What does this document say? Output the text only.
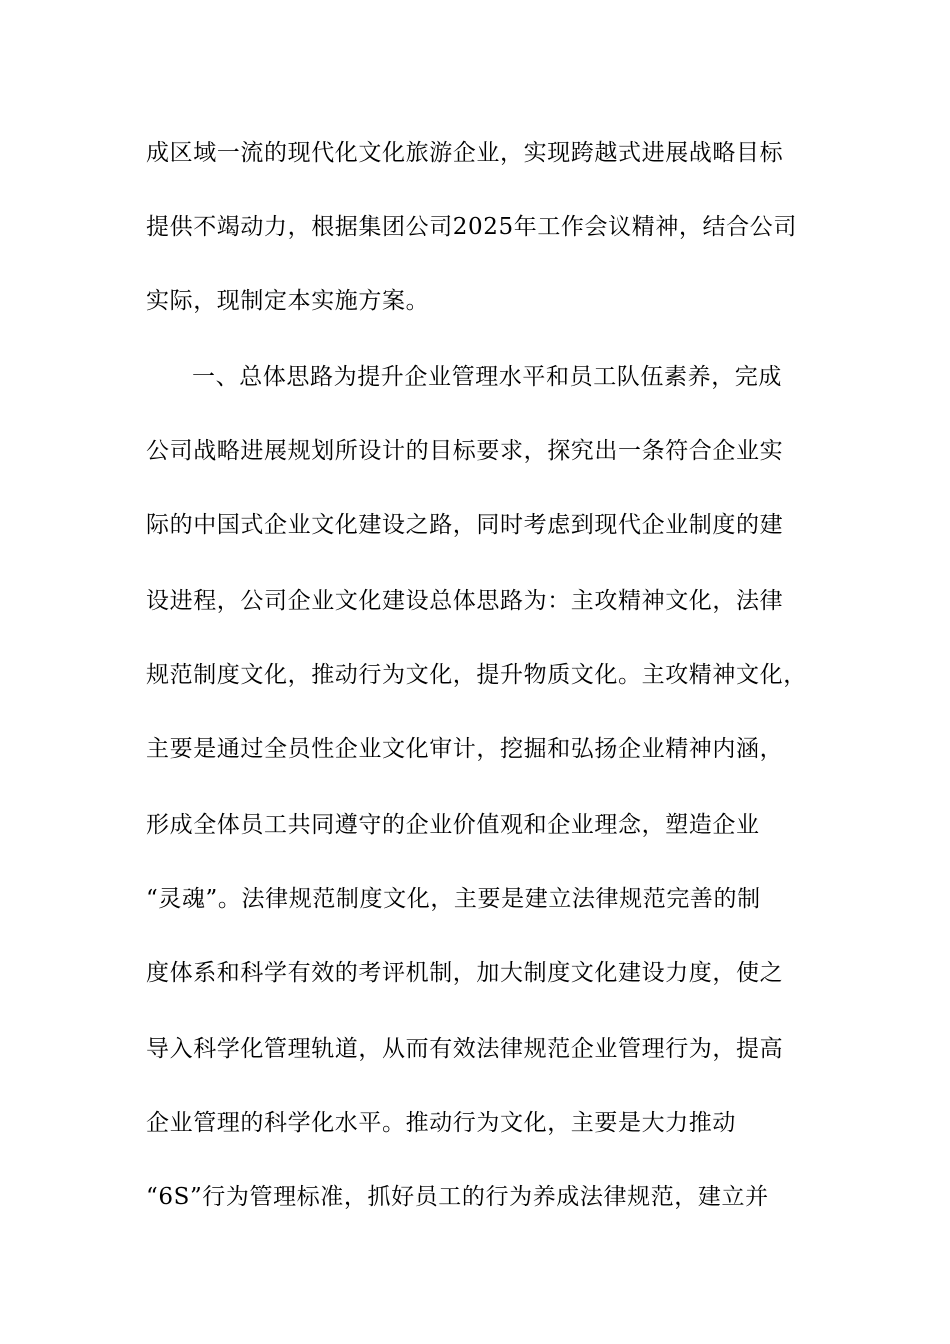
成区域一流的现代化文化旅游企业，实现跨越式进展战略目标
提供不竭动力，根据集团公司2025年工作会议精神，结合公司
实际，现制定本实施方案。
一、总体思路为提升企业管理水平和员工队伍素养，完成
公司战略进展规划所设计的目标要求，探究出一条符合企业实
际的中国式企业文化建设之路，同时考虑到现代企业制度的建
设进程，公司企业文化建设总体思路为：主攻精神文化，法律
规范制度文化，推动行为文化，提升物质文化。主攻精神文化，
主要是通过全员性企业文化审计，挖掘和弘扬企业精神内涵，
形成全体员工共同遵守的企业价值观和企业理念，塑造企业
“灵魂”。法律规范制度文化，主要是建立法律规范完善的制
度体系和科学有效的考评机制，加大制度文化建设力度，使之
导入科学化管理轨道，从而有效法律规范企业管理行为，提高
企业管理的科学化水平。推动行为文化，主要是大力推动
“6S”行为管理标准，抓好员工的行为养成法律规范，建立并
